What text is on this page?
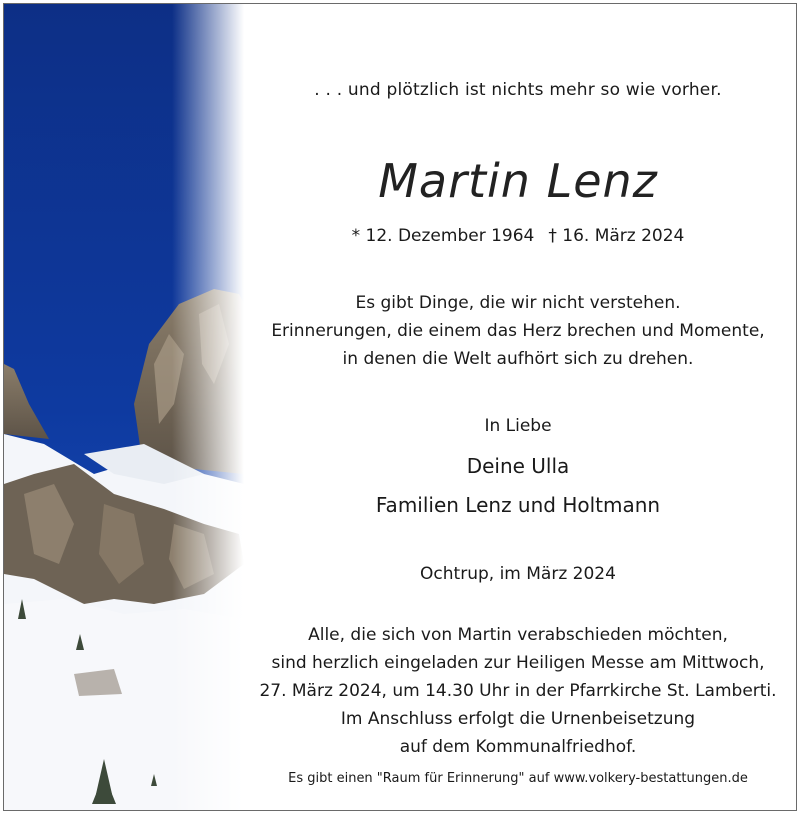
. . . und plötzlich ist nichts mehr so wie vorher.
Martin Lenz
* 12. Dezember 1964 † 16. März 2024
Es gibt Dinge, die wir nicht verstehen.
Erinnerungen, die einem das Herz brechen und Momente,
in denen die Welt aufhört sich zu drehen.
In Liebe
Deine Ulla
Familien Lenz und Holtmann
Ochtrup, im März 2024
Alle, die sich von Martin verabschieden möchten,
sind herzlich eingeladen zur Heiligen Messe am Mittwoch,
27. März 2024, um 14.30 Uhr in der Pfarrkirche St. Lamberti.
Im Anschluss erfolgt die Urnenbeisetzung
auf dem Kommunalfriedhof.
Es gibt einen "Raum für Erinnerung" auf www.volkery-bestattungen.de
